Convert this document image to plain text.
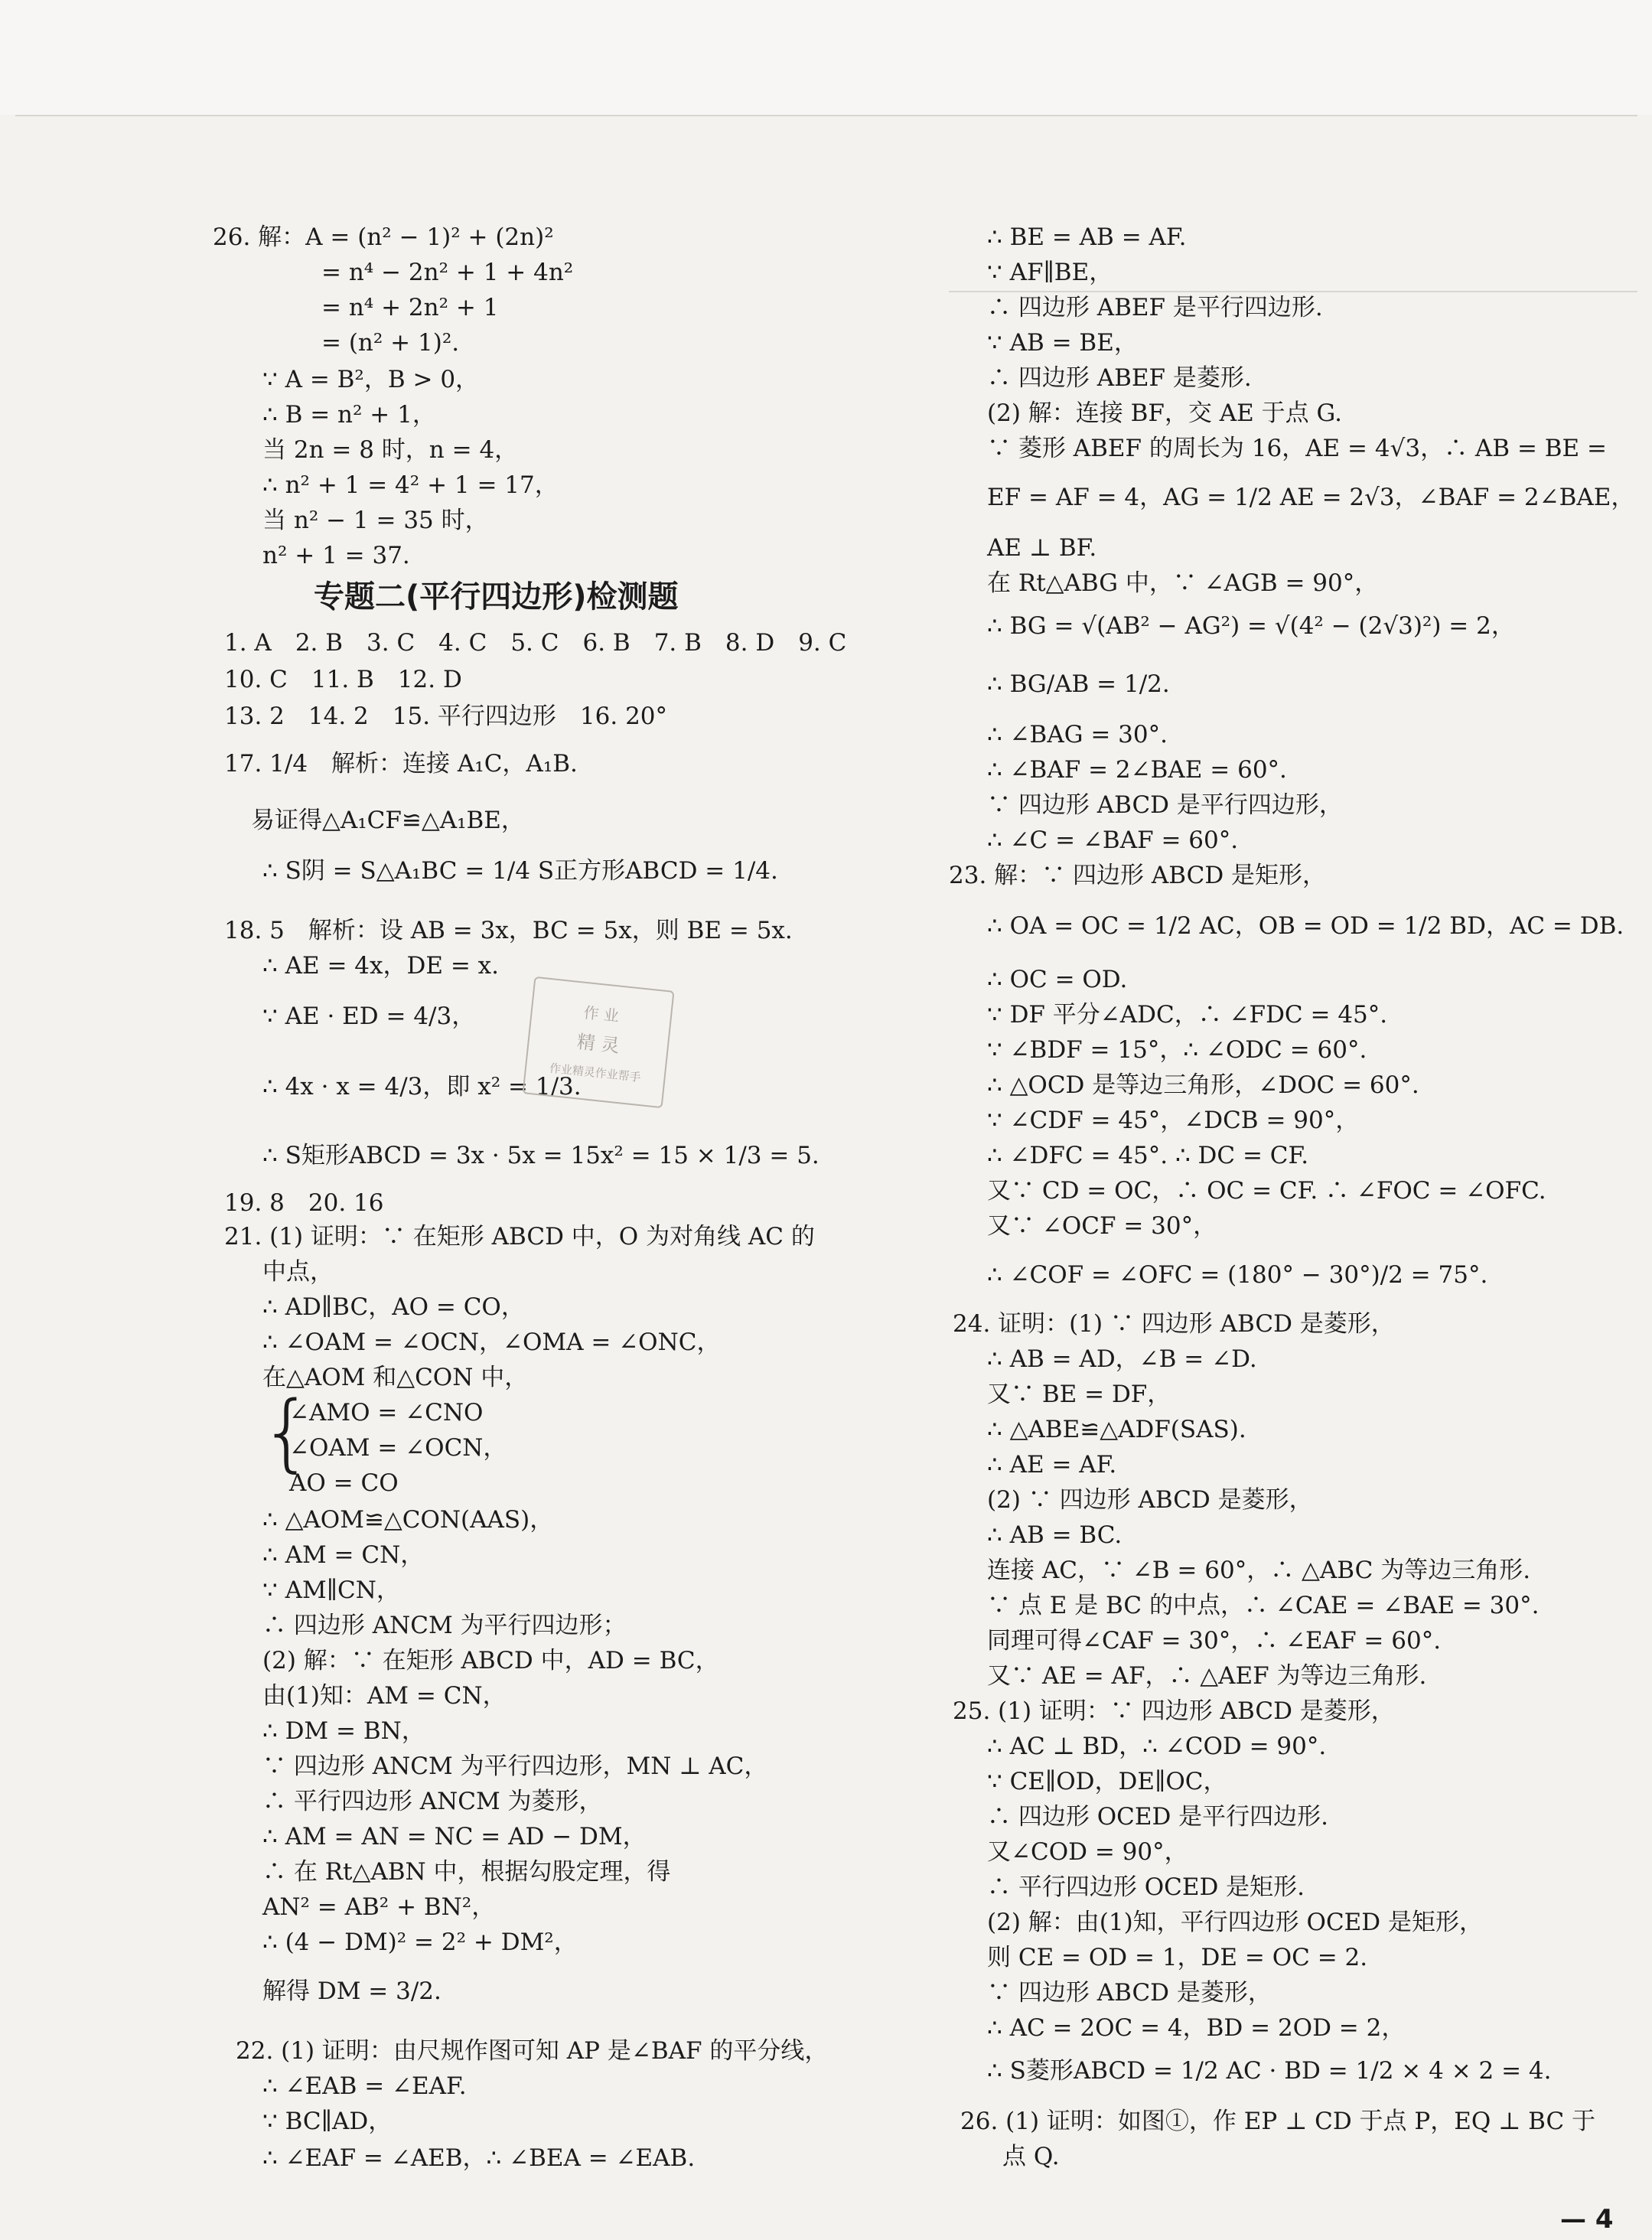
26. 解：A = (n² − 1)² + (2n)²
= n⁴ − 2n² + 1 + 4n²
= n⁴ + 2n² + 1
= (n² + 1)².
∵ A = B²，B > 0，
∴ B = n² + 1，
当 2n = 8 时，n = 4，
∴ n² + 1 = 4² + 1 = 17，
当 n² − 1 = 35 时，
n² + 1 = 37.
专题二(平行四边形)检测题
1. A　2. B　3. C　4. C　5. C　6. B　7. B　8. D　9. C
10. C　11. B　12. D
13. 2　14. 2　15. 平行四边形　16. 20°
17. 1/4　解析：连接 A₁C，A₁B.
易证得△A₁CF≌△A₁BE，
∴ S阴 = S△A₁BC = 1/4 S正方形ABCD = 1/4.
18. 5　解析：设 AB = 3x，BC = 5x，则 BE = 5x.
∴ AE = 4x，DE = x.
∵ AE · ED = 4/3，
∴ 4x · x = 4/3，即 x² = 1/3.
∴ S矩形ABCD = 3x · 5x = 15x² = 15 × 1/3 = 5.
19. 8　20. 16
21. (1) 证明：∵ 在矩形 ABCD 中，O 为对角线 AC 的
中点，
∴ AD∥BC，AO = CO，
∴ ∠OAM = ∠OCN，∠OMA = ∠ONC，
在△AOM 和△CON 中，
{
∠AMO = ∠CNO
∠OAM = ∠OCN，
AO = CO
∴ △AOM≌△CON(AAS)，
∴ AM = CN，
∵ AM∥CN，
∴ 四边形 ANCM 为平行四边形；
(2) 解：∵ 在矩形 ABCD 中，AD = BC，
由(1)知：AM = CN，
∴ DM = BN，
∵ 四边形 ANCM 为平行四边形，MN ⊥ AC，
∴ 平行四边形 ANCM 为菱形，
∴ AM = AN = NC = AD − DM，
∴ 在 Rt△ABN 中，根据勾股定理，得
AN² = AB² + BN²，
∴ (4 − DM)² = 2² + DM²，
解得 DM = 3/2.
22. (1) 证明：由尺规作图可知 AP 是∠BAF 的平分线，
∴ ∠EAB = ∠EAF.
∵ BC∥AD，
∴ ∠EAF = ∠AEB，∴ ∠BEA = ∠EAB.
∴ BE = AB = AF.
∵ AF∥BE，
∴ 四边形 ABEF 是平行四边形.
∵ AB = BE，
∴ 四边形 ABEF 是菱形.
(2) 解：连接 BF，交 AE 于点 G.
∵ 菱形 ABEF 的周长为 16，AE = 4√3，∴ AB = BE =
EF = AF = 4，AG = 1/2 AE = 2√3，∠BAF = 2∠BAE，
AE ⊥ BF.
在 Rt△ABG 中，∵ ∠AGB = 90°，
∴ BG = √(AB² − AG²) = √(4² − (2√3)²) = 2，
∴ BG/AB = 1/2.
∴ ∠BAG = 30°.
∴ ∠BAF = 2∠BAE = 60°.
∵ 四边形 ABCD 是平行四边形，
∴ ∠C = ∠BAF = 60°.
23. 解：∵ 四边形 ABCD 是矩形，
∴ OA = OC = 1/2 AC，OB = OD = 1/2 BD，AC = DB.
∴ OC = OD.
∵ DF 平分∠ADC，∴ ∠FDC = 45°.
∵ ∠BDF = 15°，∴ ∠ODC = 60°.
∴ △OCD 是等边三角形，∠DOC = 60°.
∵ ∠CDF = 45°，∠DCB = 90°，
∴ ∠DFC = 45°. ∴ DC = CF.
又∵ CD = OC，∴ OC = CF. ∴ ∠FOC = ∠OFC.
又∵ ∠OCF = 30°，
∴ ∠COF = ∠OFC = (180° − 30°)/2 = 75°.
24. 证明：(1) ∵ 四边形 ABCD 是菱形，
∴ AB = AD，∠B = ∠D.
又∵ BE = DF，
∴ △ABE≌△ADF(SAS).
∴ AE = AF.
(2) ∵ 四边形 ABCD 是菱形，
∴ AB = BC.
连接 AC，∵ ∠B = 60°，∴ △ABC 为等边三角形.
∵ 点 E 是 BC 的中点，∴ ∠CAE = ∠BAE = 30°.
同理可得∠CAF = 30°，∴ ∠EAF = 60°.
又∵ AE = AF，∴ △AEF 为等边三角形.
25. (1) 证明：∵ 四边形 ABCD 是菱形，
∴ AC ⊥ BD，∴ ∠COD = 90°.
∵ CE∥OD，DE∥OC，
∴ 四边形 OCED 是平行四边形.
又∠COD = 90°，
∴ 平行四边形 OCED 是矩形.
(2) 解：由(1)知，平行四边形 OCED 是矩形，
则 CE = OD = 1，DE = OC = 2.
∵ 四边形 ABCD 是菱形，
∴ AC = 2OC = 4，BD = 2OD = 2，
∴ S菱形ABCD = 1/2 AC · BD = 1/2 × 4 × 2 = 4.
26. (1) 证明：如图①，作 EP ⊥ CD 于点 P，EQ ⊥ BC 于
点 Q.
作 业
精 灵
作业精灵作业帮手
— 4
